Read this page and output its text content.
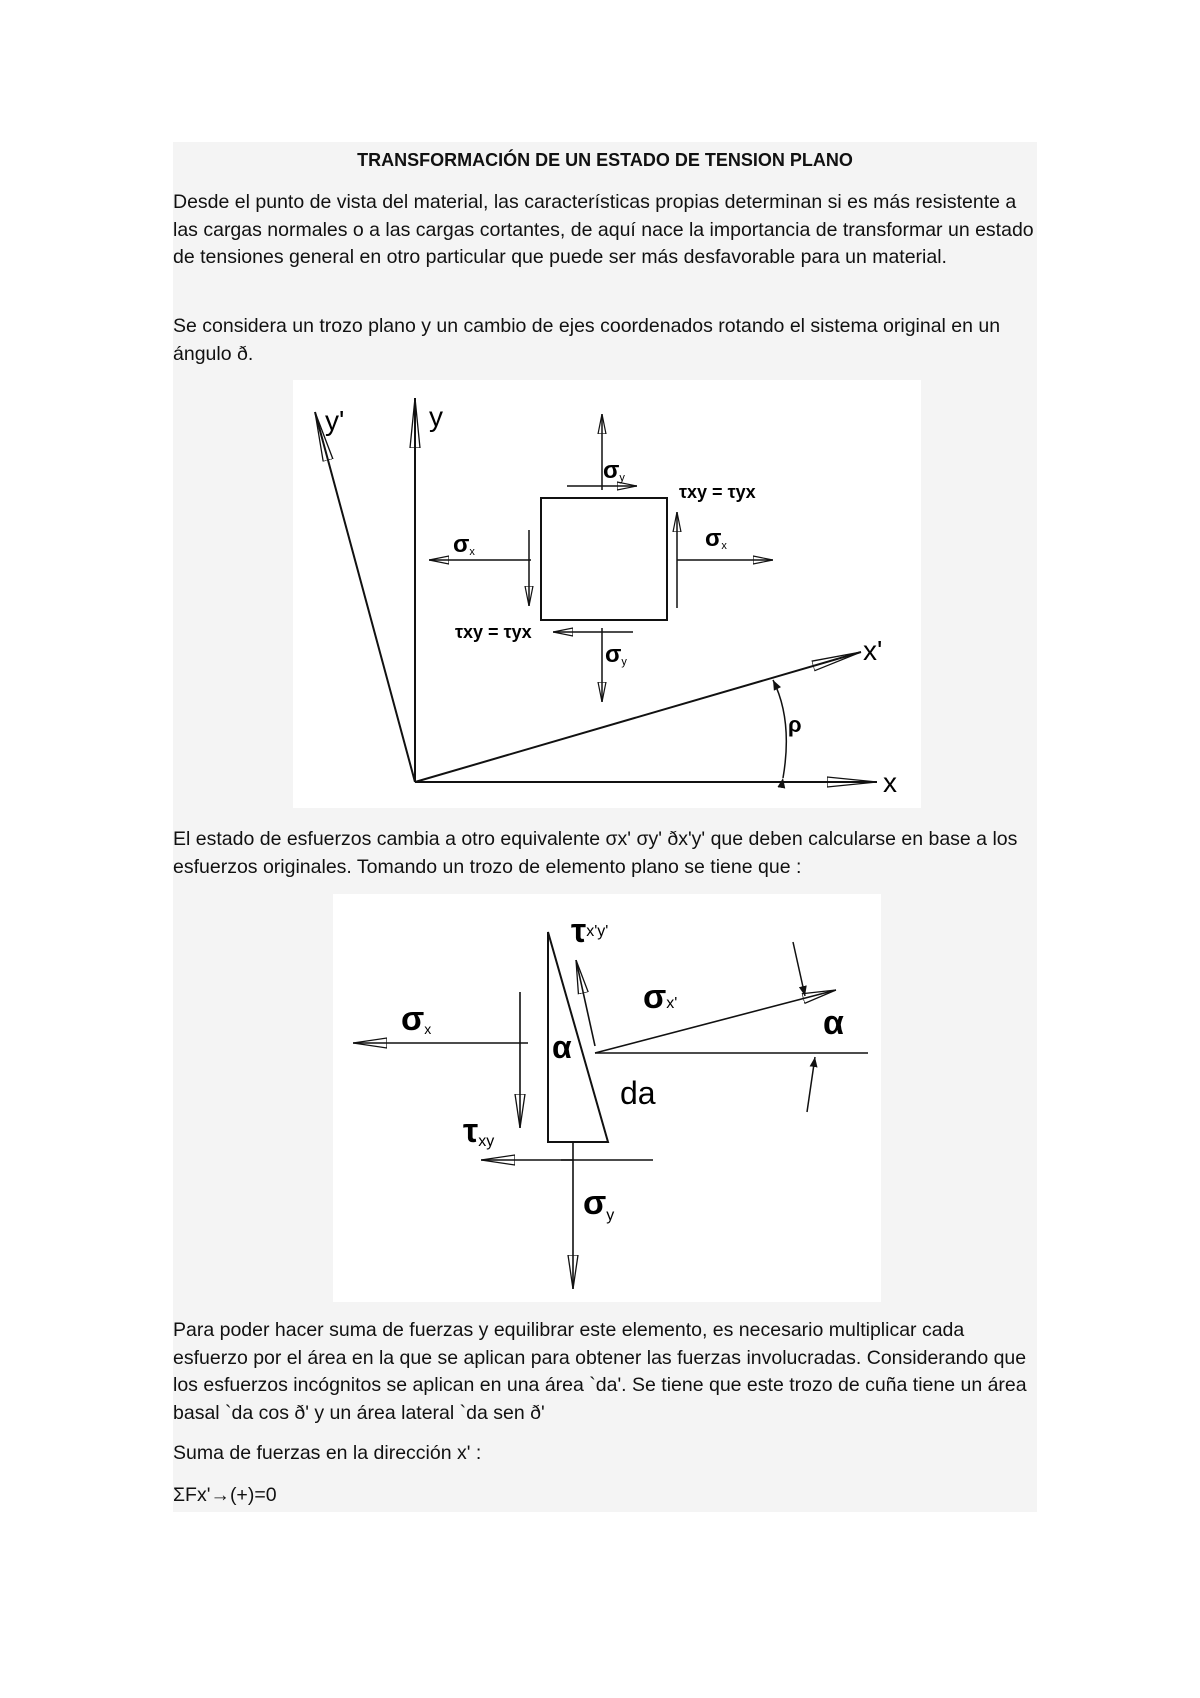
TRANSFORMACIÓN DE UN ESTADO DE TENSION PLANO

Desde el punto de vista del material, las características propias determinan si es más resistente a las cargas normales o a las cargas cortantes, de aquí nace la importancia de transformar un estado de tensiones general en otro particular que puede ser más desfavorable para un material.

Se considera un trozo plano y un cambio de ejes coordenados rotando el sistema original en un ángulo ð.

y'	y
x'
x
σy
τxy = τyx
σx
σx
τxy = τyx
σy
ρ

El estado de esfuerzos cambia a otro equivalente σx' σy' ðx'y' que deben calcularse en base a los esfuerzos originales. Tomando un trozo de elemento plano se tiene que :

σx
τx'y'
σx'
α
α
da
τxy
σy

Para poder hacer suma de fuerzas y equilibrar este elemento, es necesario multiplicar cada esfuerzo por el área en la que se aplican para obtener las fuerzas involucradas. Considerando que los esfuerzos incógnitos se aplican en una área `da'. Se tiene que este trozo de cuña tiene un área basal `da cos ð' y un área lateral `da sen ð'

Suma de fuerzas en la dirección x' :

ΣFx'→(+)=0
